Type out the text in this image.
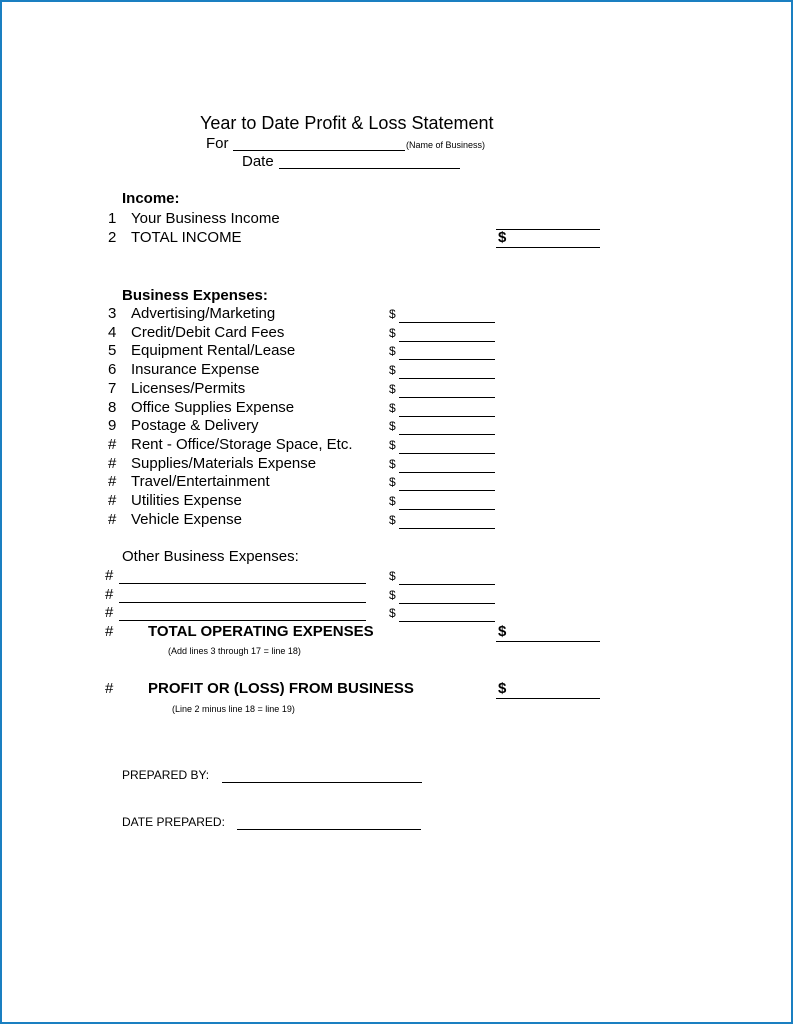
Year to Date Profit & Loss Statement
For	(Name of Business)
Date
Income:
1 Your Business Income
2 TOTAL INCOME	$
Business Expenses:
3 Advertising/Marketing	$
4 Credit/Debit Card Fees	$
5 Equipment Rental/Lease	$
6 Insurance Expense	$
7 Licenses/Permits	$
8 Office Supplies Expense	$
9 Postage & Delivery	$
# Rent - Office/Storage Space, Etc.	$
# Supplies/Materials Expense	$
# Travel/Entertainment	$
# Utilities Expense	$
# Vehicle Expense	$
Other Business Expenses:
#	$
#	$
#	$
# TOTAL OPERATING EXPENSES	$
(Add lines 3 through 17 = line 18)
# PROFIT OR (LOSS) FROM BUSINESS	$
(Line 2 minus line 18 = line 19)
PREPARED BY:
DATE PREPARED:
